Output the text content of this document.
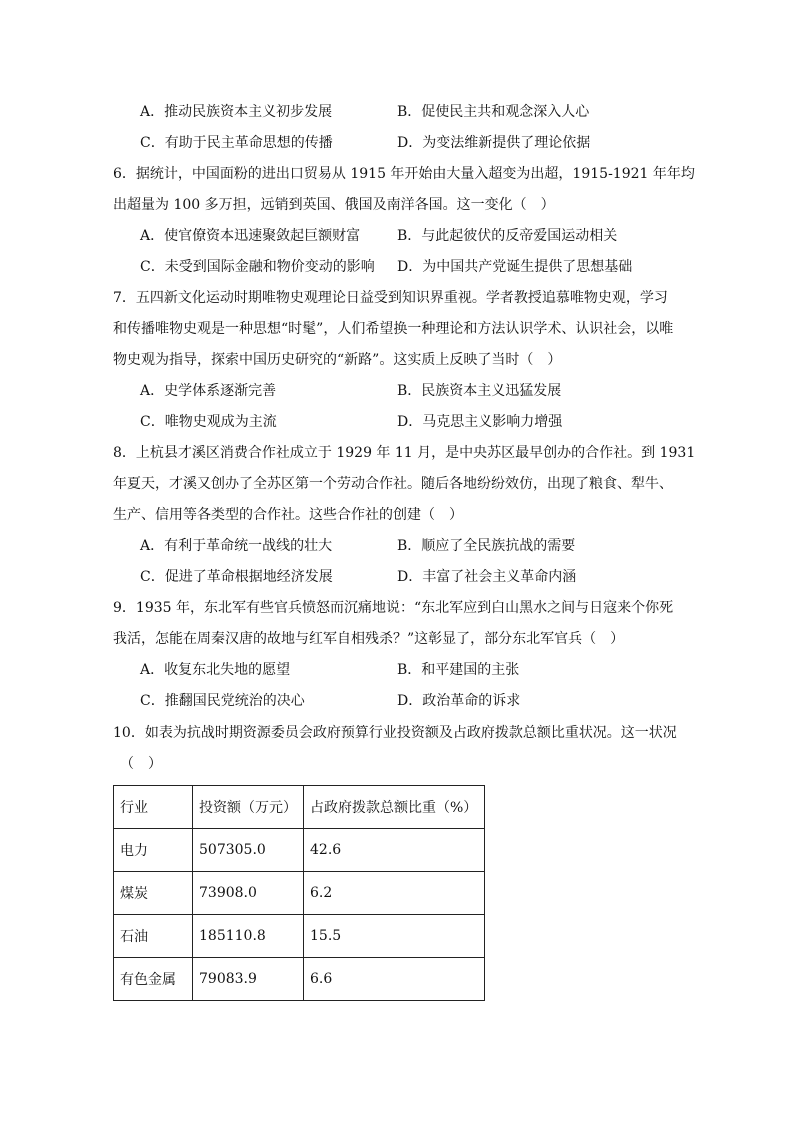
A．推动民族资本主义初步发展	B．促使民主共和观念深入人心
C．有助于民主革命思想的传播	D．为变法维新提供了理论依据
6．据统计，中国面粉的进出口贸易从 1915 年开始由大量入超变为出超，1915-1921 年年均
出超量为 100 多万担，远销到英国、俄国及南洋各国。这一变化（　）
A．使官僚资本迅速聚敛起巨额财富	B．与此起彼伏的反帝爱国运动相关
C．未受到国际金融和物价变动的影响 D．为中国共产党诞生提供了思想基础
7．五四新文化运动时期唯物史观理论日益受到知识界重视。学者教授追慕唯物史观，学习
和传播唯物史观是一种思想“时髦”，人们希望换一种理论和方法认识学术、认识社会，以唯
物史观为指导，探索中国历史研究的“新路”。这实质上反映了当时（　）
A．史学体系逐渐完善	B．民族资本主义迅猛发展
C．唯物史观成为主流	D．马克思主义影响力增强
8．上杭县才溪区消费合作社成立于 1929 年 11 月，是中央苏区最早创办的合作社。到 1931
年夏天，才溪又创办了全苏区第一个劳动合作社。随后各地纷纷效仿，出现了粮食、犁牛、
生产、信用等各类型的合作社。这些合作社的创建（　）
A．有利于革命统一战线的壮大	B．顺应了全民族抗战的需要
C．促进了革命根据地经济发展	D．丰富了社会主义革命内涵
9．1935 年，东北军有些官兵愤怒而沉痛地说：“东北军应到白山黑水之间与日寇来个你死
我活，怎能在周秦汉唐的故地与红军自相残杀？”这彰显了，部分东北军官兵（　）
A．收复东北失地的愿望	B．和平建国的主张
C．推翻国民党统治的决心	D．政治革命的诉求
10．如表为抗战时期资源委员会政府预算行业投资额及占政府拨款总额比重状况。这一状况
（　）
行业	投资额（万元）	占政府拨款总额比重（%）
电力	507305.0	42.6
煤炭	73908.0	6.2
石油	185110.8	15.5
有色金属	79083.9	6.6
